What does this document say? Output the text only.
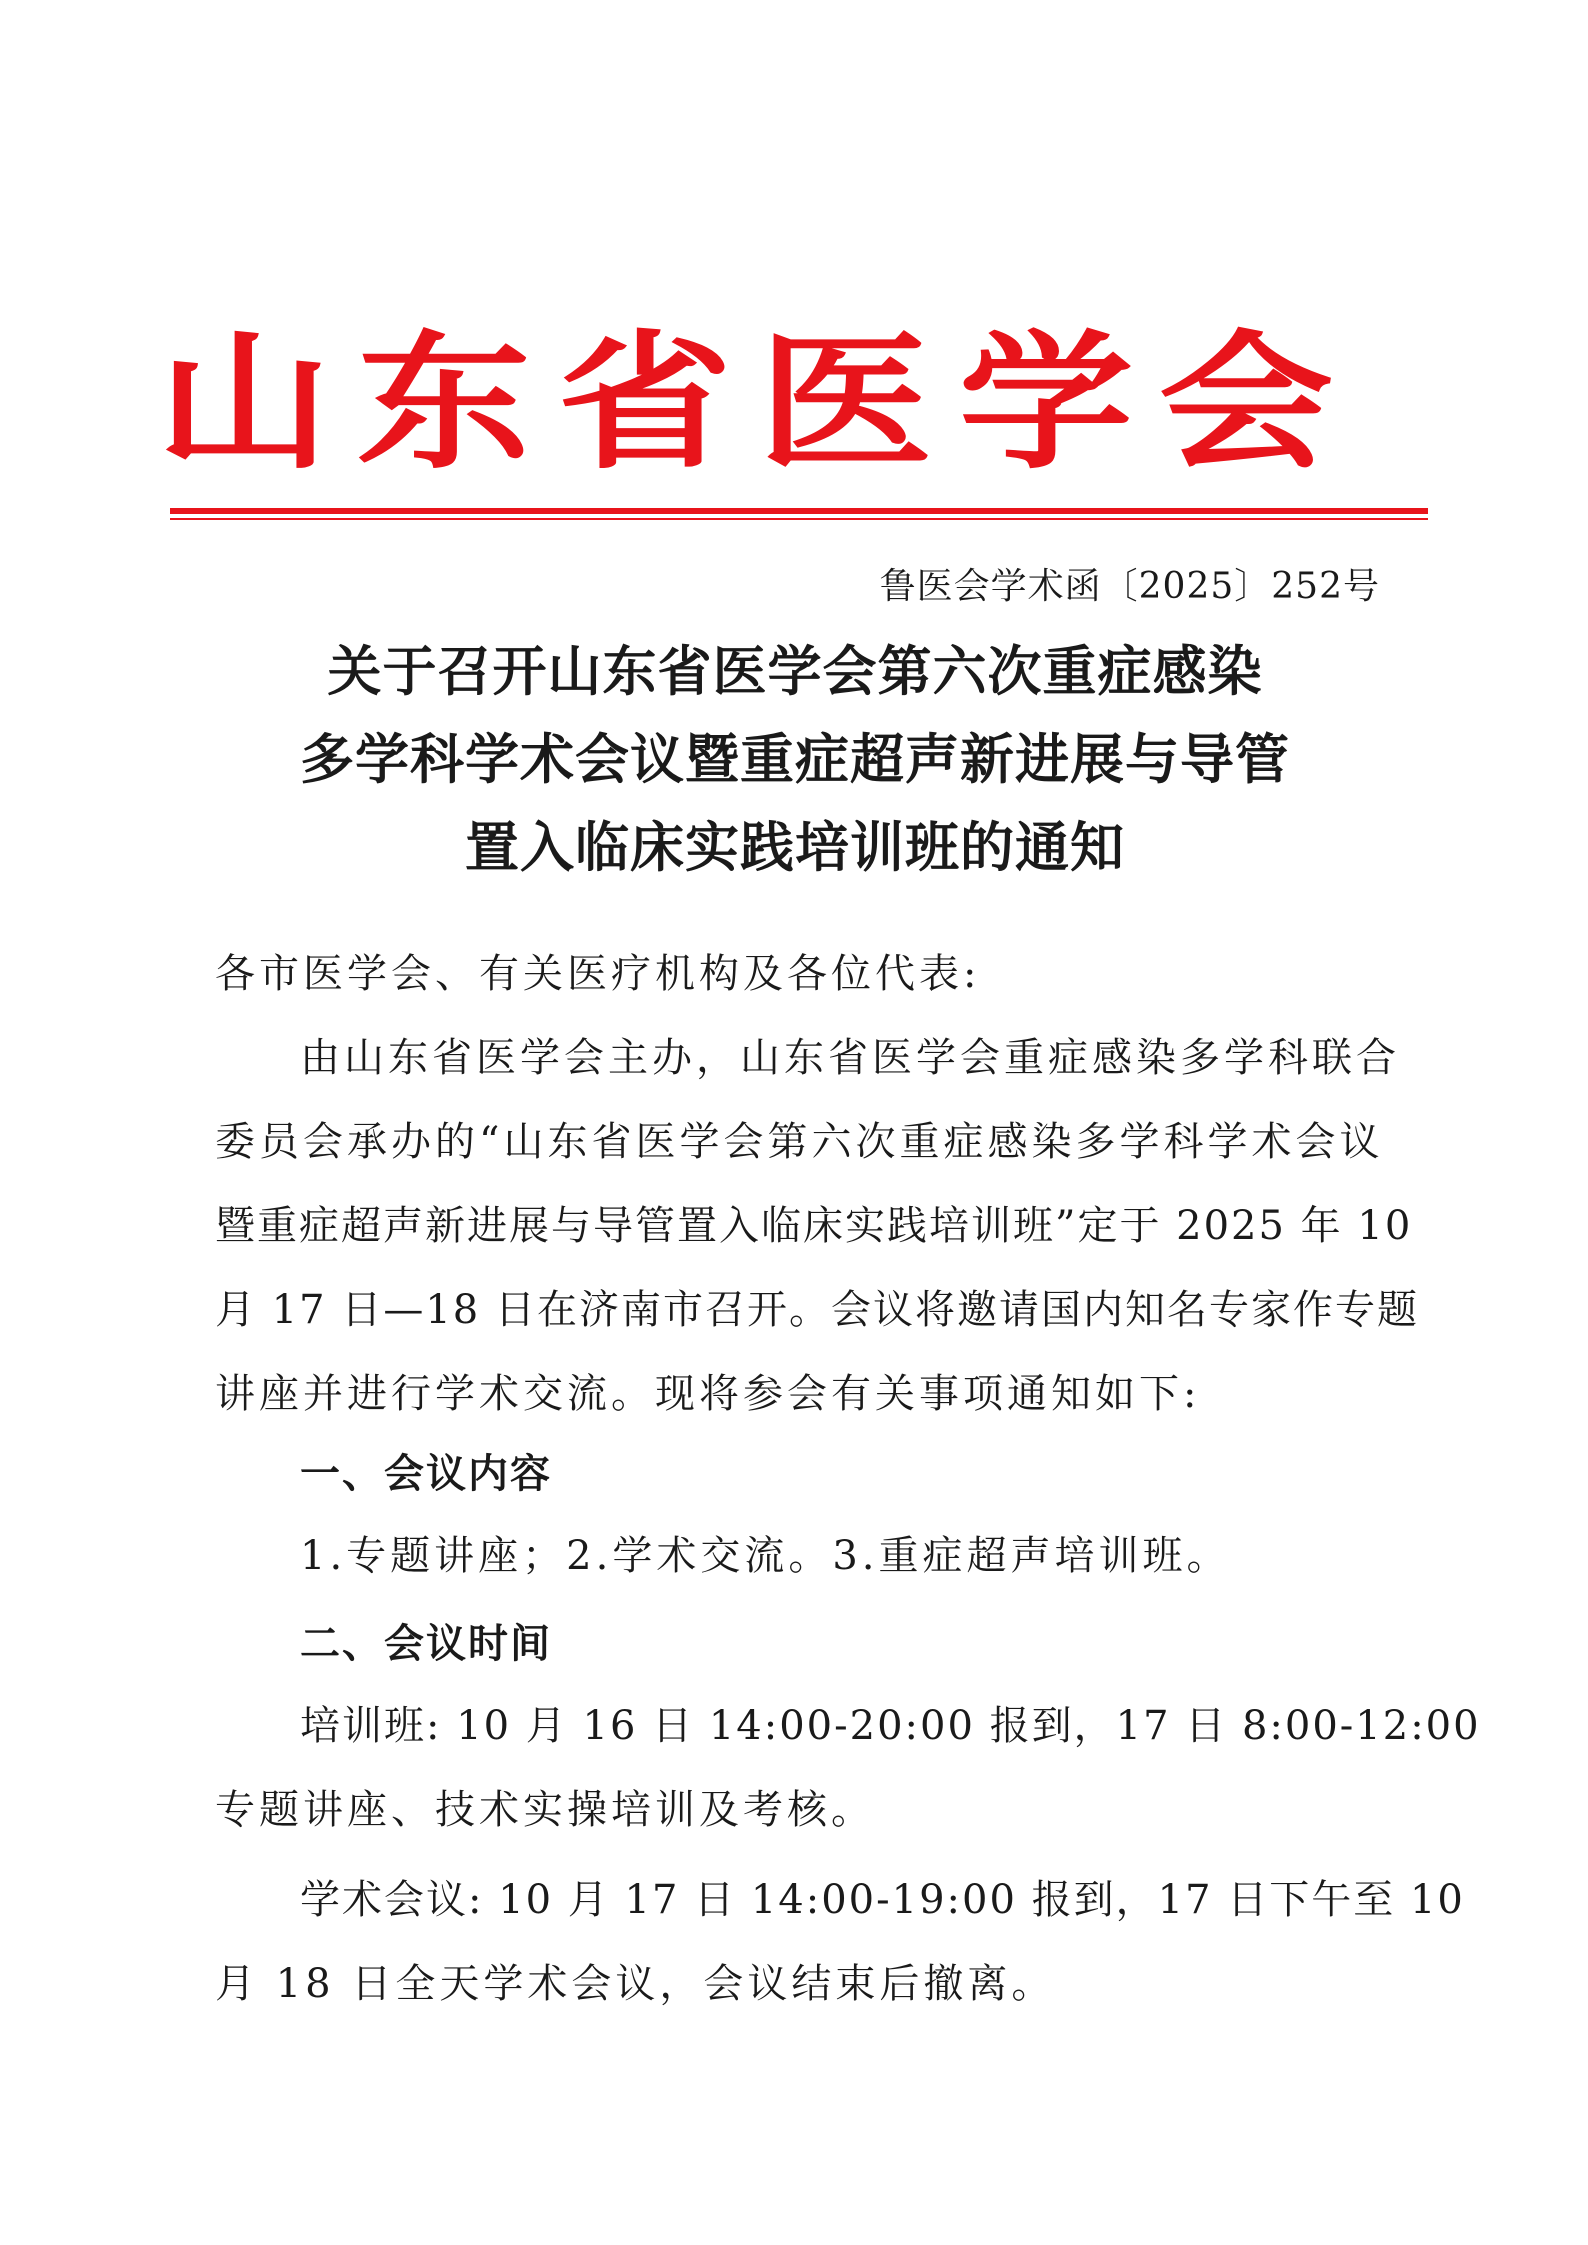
山 东 省 医 学 会
鲁医会学术函〔2025〕252号
关于召开山东省医学会第六次重症感染
多学科学术会议暨重症超声新进展与导管
置入临床实践培训班的通知
各市医学会、有关医疗机构及各位代表:
由山东省医学会主办，山东省医学会重症感染多学科联合
委员会承办的“山东省医学会第六次重症感染多学科学术会议
暨重症超声新进展与导管置入临床实践培训班”定于 2025 年 10
月 17 日—18 日在济南市召开。会议将邀请国内知名专家作专题
讲座并进行学术交流。现将参会有关事项通知如下:
一、会议内容
1.专题讲座；2.学术交流。3.重症超声培训班。
二、会议时间
培训班: 10 月 16 日 14:00-20:00 报到，17 日 8:00-12:00
专题讲座、技术实操培训及考核。
学术会议: 10 月 17 日 14:00-19:00 报到，17 日下午至 10
月 18 日全天学术会议，会议结束后撤离。
